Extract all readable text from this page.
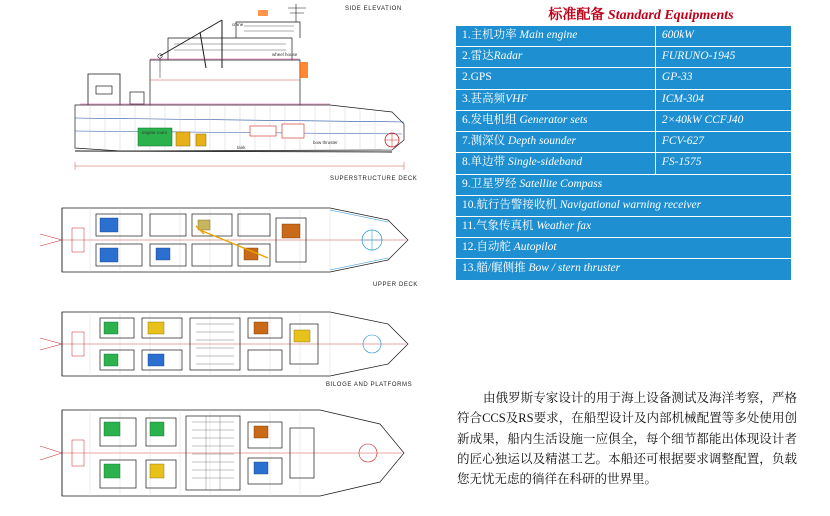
crane
wheel house
engine room
tank
bow thruster
SIDE ELEVATION
SUPERSTRUCTURE DECK
UPPER DECK
BILOGE AND PLATFORMS
标准配备 Standard Equipments
1.主机功率 Main engine	600kW
2.雷达Radar	FURUNO-1945
2.GPS	GP-33
3.甚高频VHF	ICM-304
6.发电机组 Generator sets	2×40kW CCFJ40
7.测深仪 Depth sounder	FCV-627
8.单边带 Single-sideband	FS-1575
9.卫星罗经 Satellite Compass	
10.航行告警接收机 Navigational warning receiver	
11.气象传真机 Weather fax	
12.自动舵 Autopilot	
13.艏/艉侧推 Bow / stern thruster	
由俄罗斯专家设计的用于海上设备测试及海洋考察，严格符合CCS及RS要求，在船型设计及内部机械配置等多处使用创新成果，船内生活设施一应俱全，每个细节都能出体现设计者的匠心独运以及精湛工艺。本船还可根据要求调整配置，负载您无忧无虑的徜徉在科研的世界里。
